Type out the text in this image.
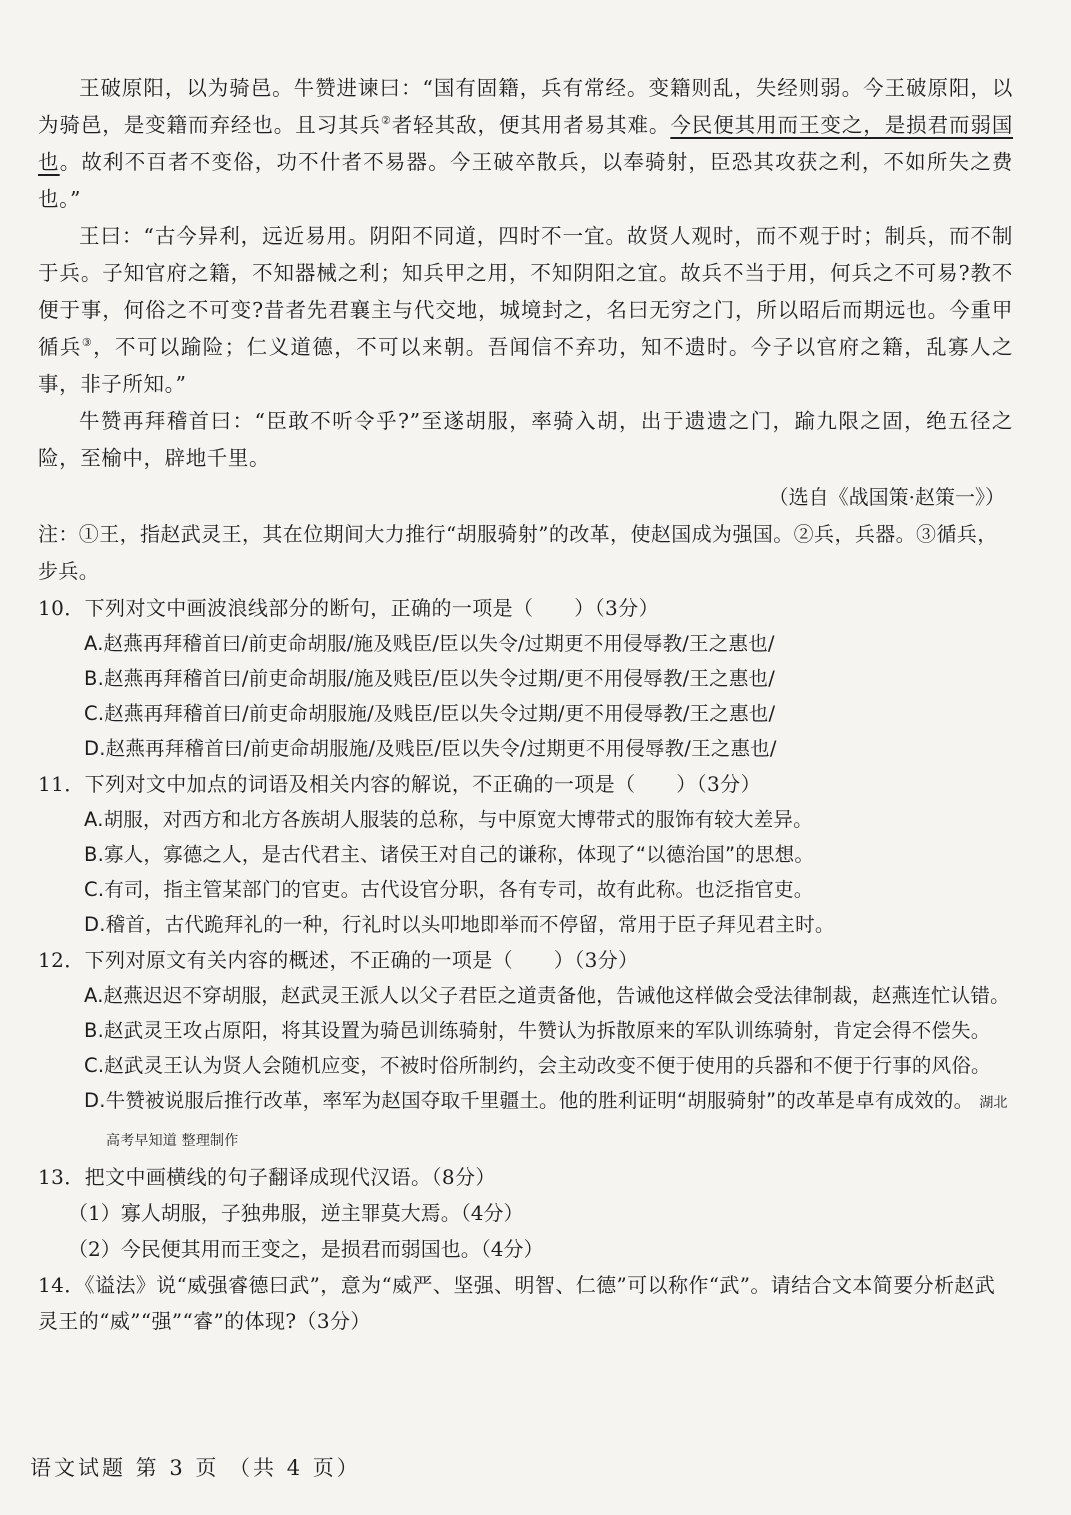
王破原阳，以为骑邑。牛赞进谏曰：“国有固籍，兵有常经。变籍则乱，失经则弱。今王破原阳，以为骑邑，是变籍而弃经也。且习其兵②者轻其敌，便其用者易其难。今民便其用而王变之，是损君而弱国也。故利不百者不变俗，功不什者不易器。今王破卒散兵，以奉骑射，臣恐其攻获之利，不如所失之费也。”

王曰：“古今异利，远近易用。阴阳不同道，四时不一宜。故贤人观时，而不观于时；制兵，而不制于兵。子知官府之籍，不知器械之利；知兵甲之用，不知阴阳之宜。故兵不当于用，何兵之不可易?教不便于事，何俗之不可变?昔者先君襄主与代交地，城境封之，名曰无穷之门，所以昭后而期远也。今重甲循兵③，不可以踰险；仁义道德，不可以来朝。吾闻信不弃功，知不遗时。今子以官府之籍，乱寡人之事，非子所知。”

牛赞再拜稽首曰：“臣敢不听令乎?”至遂胡服，率骑入胡，出于遗遗之门，踰九限之固，绝五径之险，至榆中，辟地千里。

（选自《战国策·赵策一》）

注：①王，指赵武灵王，其在位期间大力推行“胡服骑射”的改革，使赵国成为强国。②兵，兵器。③循兵，步兵。

10．下列对文中画波浪线部分的断句，正确的一项是（　　）（3分）

A.赵燕再拜稽首曰/前吏命胡服/施及贱臣/臣以失令/过期更不用侵辱教/王之惠也/

B.赵燕再拜稽首曰/前吏命胡服/施及贱臣/臣以失令过期/更不用侵辱教/王之惠也/

C.赵燕再拜稽首曰/前吏命胡服施/及贱臣/臣以失令过期/更不用侵辱教/王之惠也/

D.赵燕再拜稽首曰/前吏命胡服施/及贱臣/臣以失令/过期更不用侵辱教/王之惠也/

11．下列对文中加点的词语及相关内容的解说，不正确的一项是（　　）（3分）

A.胡服，对西方和北方各族胡人服装的总称，与中原宽大博带式的服饰有较大差异。

B.寡人，寡德之人，是古代君主、诸侯王对自己的谦称，体现了“以德治国”的思想。

C.有司，指主管某部门的官吏。古代设官分职，各有专司，故有此称。也泛指官吏。

D.稽首，古代跪拜礼的一种，行礼时以头叩地即举而不停留，常用于臣子拜见君主时。

12．下列对原文有关内容的概述，不正确的一项是（　　）（3分）

A.赵燕迟迟不穿胡服，赵武灵王派人以父子君臣之道责备他，告诫他这样做会受法律制裁，赵燕连忙认错。

B.赵武灵王攻占原阳，将其设置为骑邑训练骑射，牛赞认为拆散原来的军队训练骑射，肯定会得不偿失。

C.赵武灵王认为贤人会随机应变，不被时俗所制约，会主动改变不便于使用的兵器和不便于行事的风俗。

D.牛赞被说服后推行改革，率军为赵国夺取千里疆土。他的胜利证明“胡服骑射”的改革是卓有成效的。 湖北高考早知道 整理制作

13．把文中画横线的句子翻译成现代汉语。（8分）

（1）寡人胡服，子独弗服，逆主罪莫大焉。（4分）

（2）今民便其用而王变之，是损君而弱国也。（4分）

14．《谥法》说“威强睿德曰武”，意为“威严、坚强、明智、仁德”可以称作“武”。请结合文本简要分析赵武灵王的“威”“强”“睿”的体现?（3分）

语文试题 第 3 页 （共 4 页）
